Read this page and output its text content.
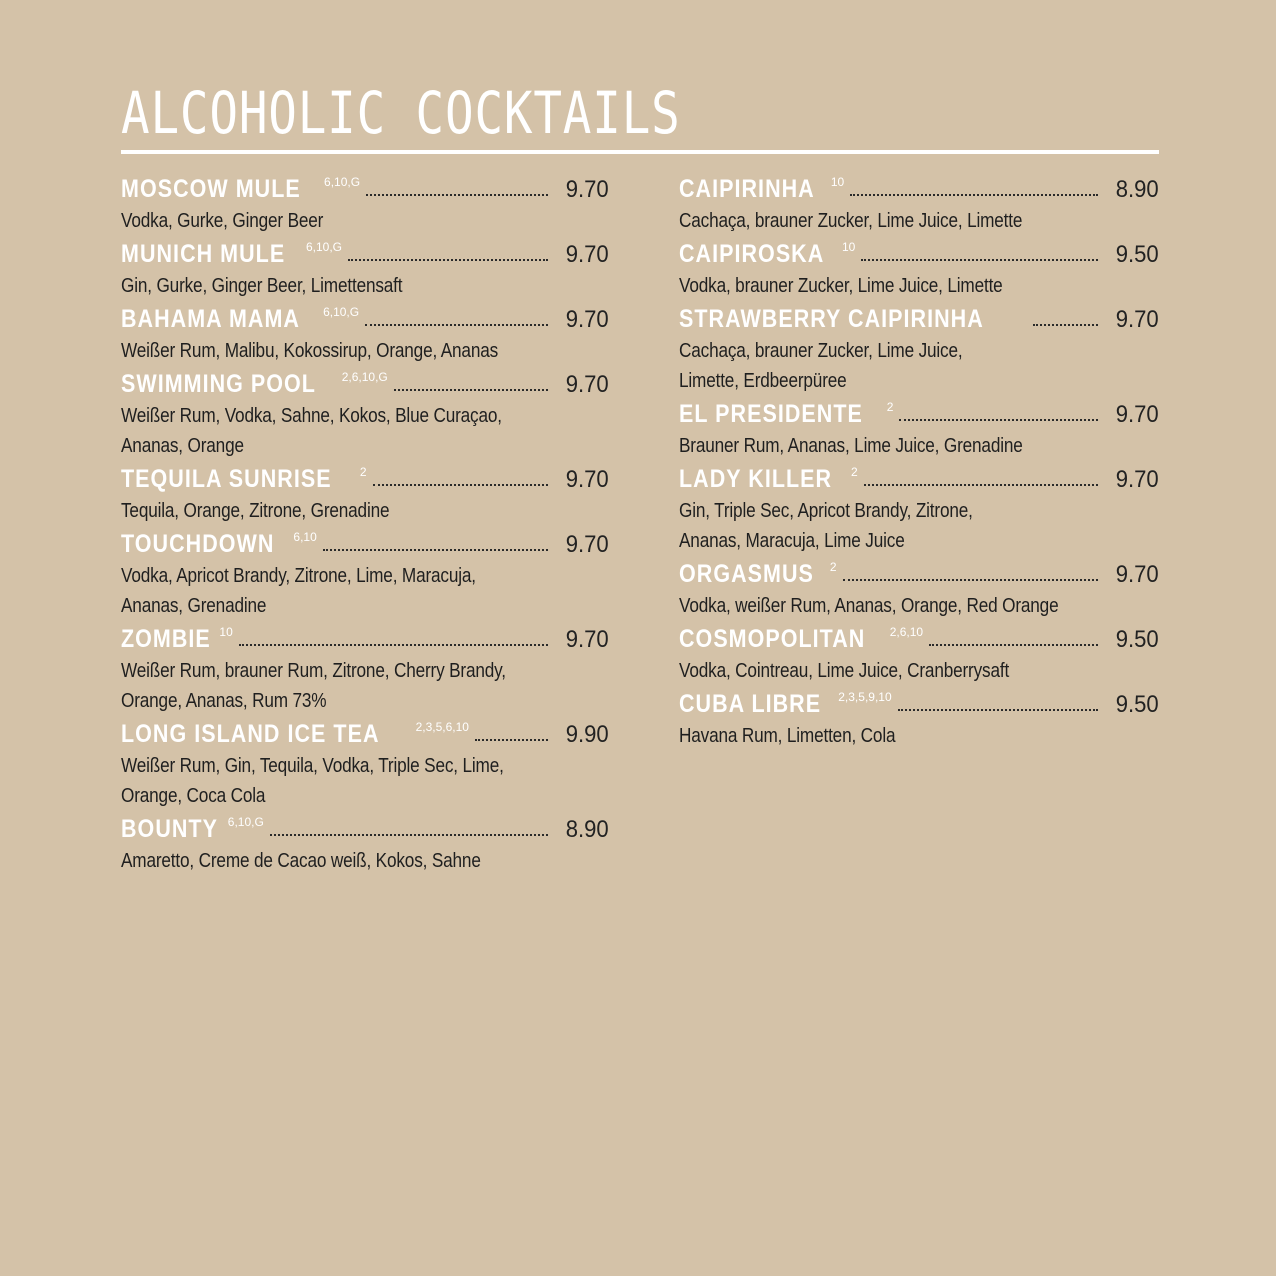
ALCOHOLIC COCKTAILS
MOSCOW MULE 6,10,G	9.70
Vodka, Gurke, Ginger Beer
MUNICH MULE 6,10,G	9.70
Gin, Gurke, Ginger Beer, Limettensaft
BAHAMA MAMA 6,10,G	9.70
Weißer Rum, Malibu, Kokossirup, Orange, Ananas
SWIMMING POOL 2,6,10,G	9.70
Weißer Rum, Vodka, Sahne, Kokos, Blue Curaçao,
Ananas, Orange
TEQUILA SUNRISE 2	9.70
Tequila, Orange, Zitrone, Grenadine
TOUCHDOWN 6,10	9.70
Vodka, Apricot Brandy, Zitrone, Lime, Maracuja,
Ananas, Grenadine
ZOMBIE 10	9.70
Weißer Rum, brauner Rum, Zitrone, Cherry Brandy,
Orange, Ananas, Rum 73%
LONG ISLAND ICE TEA	2,3,5,6,10	9.90
Weißer Rum, Gin, Tequila, Vodka, Triple Sec, Lime,
Orange, Coca Cola
BOUNTY 6,10,G	8.90
Amaretto, Creme de Cacao weiß, Kokos, Sahne
CAIPIRINHA 10	8.90
Cachaça, brauner Zucker, Lime Juice, Limette
CAIPIROSKA 10	9.50
Vodka, brauner Zucker, Lime Juice, Limette
STRAWBERRY CAIPIRINHA	9.70
Cachaça, brauner Zucker, Lime Juice,
Limette, Erdbeerpüree
EL PRESIDENTE 2	9.70
Brauner Rum, Ananas, Lime Juice, Grenadine
LADY KILLER 2	9.70
Gin, Triple Sec, Apricot Brandy, Zitrone,
Ananas, Maracuja, Lime Juice
ORGASMUS 2	9.70
Vodka, weißer Rum, Ananas, Orange, Red Orange
COSMOPOLITAN 2,6,10	9.50
Vodka, Cointreau, Lime Juice, Cranberrysaft
CUBA LIBRE 2,3,5,9,10	9.50
Havana Rum, Limetten, Cola
